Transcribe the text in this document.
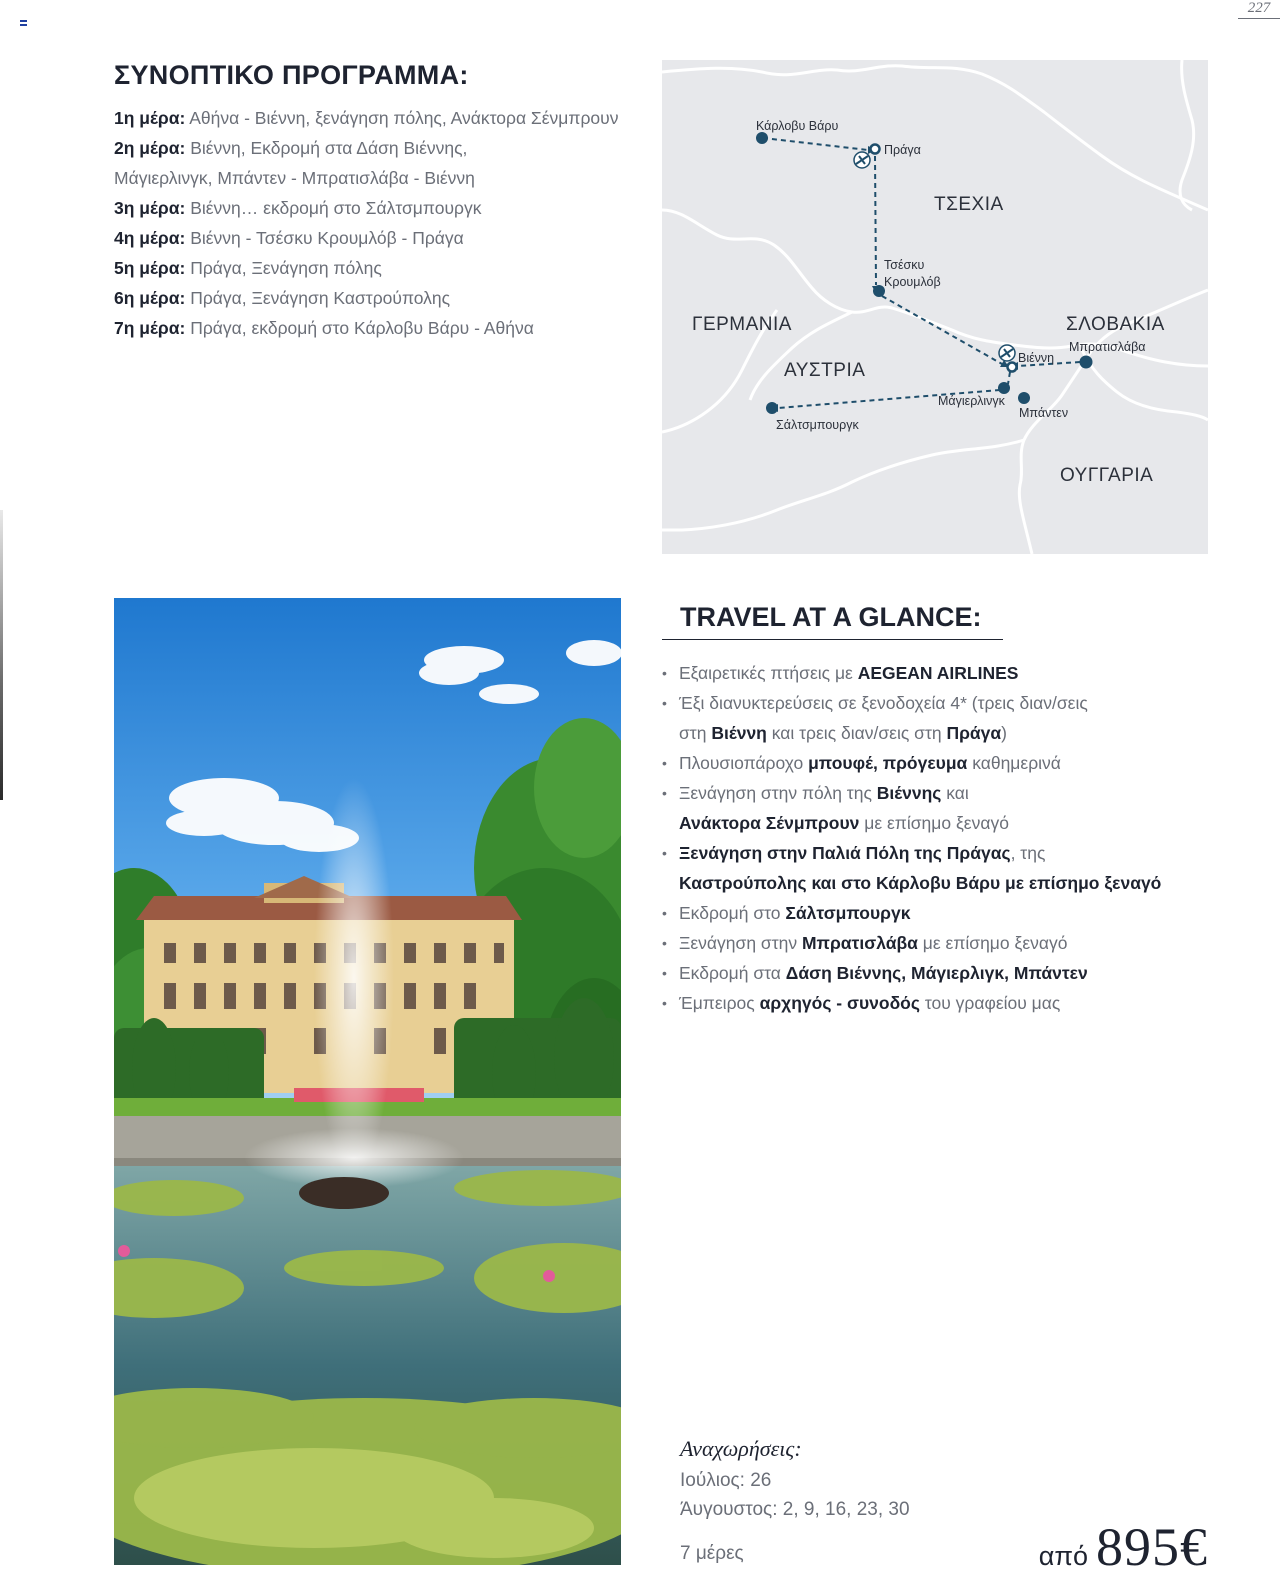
227
ΣΥΝΟΠΤΙΚΟ ΠΡΟΓΡΑΜΜΑ:
1η μέρα: Αθήνα - Βιέννη, ξενάγηση πόλης, Ανάκτορα Σένμπρουν
2η μέρα: Βιέννη, Εκδρομή στα Δάση Βιέννης,
Μάγιερλινγκ, Μπάντεν - Μπρατισλάβα - Βιέννη
3η μέρα: Βιέννη… εκδρομή στο Σάλτσμπουργκ
4η μέρα: Βιέννη - Τσέσκυ Κρουμλόβ - Πράγα
5η μέρα: Πράγα, Ξενάγηση πόλης
6η μέρα: Πράγα, Ξενάγηση Καστρούπολης
7η μέρα: Πράγα, εκδρομή στο Κάρλοβυ Βάρυ - Αθήνα
ΤΣΕΧΙΑ
ΓΕΡΜΑΝΙΑ
ΑΥΣΤΡΙΑ
ΣΛΟΒΑΚΙΑ
ΟΥΓΓΑΡΙΑ
Κάρλοβυ Βάρυ
Πράγα
Τσέσκυ
Κρουμλόβ
Βιέννη
Μπρατισλάβα
Μάγιερλινγκ
Μπάντεν
Σάλτσμπουργκ
TRAVEL AT A GLANCE:
• Εξαιρετικές πτήσεις με AEGEAN AIRLINES
• Έξι διανυκτερεύσεις σε ξενοδοχεία 4* (τρεις διαν/σεις
στη Βιέννη και τρεις διαν/σεις στη Πράγα)
• Πλουσιοπάροχο μπουφέ, πρόγευμα καθημερινά
• Ξενάγηση στην πόλη της Βιέννης και
Ανάκτορα Σένμπρουν με επίσημο ξεναγό
• Ξενάγηση στην Παλιά Πόλη της Πράγας, της
Καστρούπολης και στο Κάρλοβυ Βάρυ με επίσημο ξεναγό
• Εκδρομή στο Σάλτσμπουργκ
• Ξενάγηση στην Μπρατισλάβα με επίσημο ξεναγό
• Εκδρομή στα Δάση Βιέννης, Μάγιερλιγκ, Μπάντεν
• Έμπειρος αρχηγός - συνοδός του γραφείου μας
Αναχωρήσεις:
Ιούλιος: 26
Άυγουστος: 2, 9, 16, 23, 30
7 μέρες	από 895€
